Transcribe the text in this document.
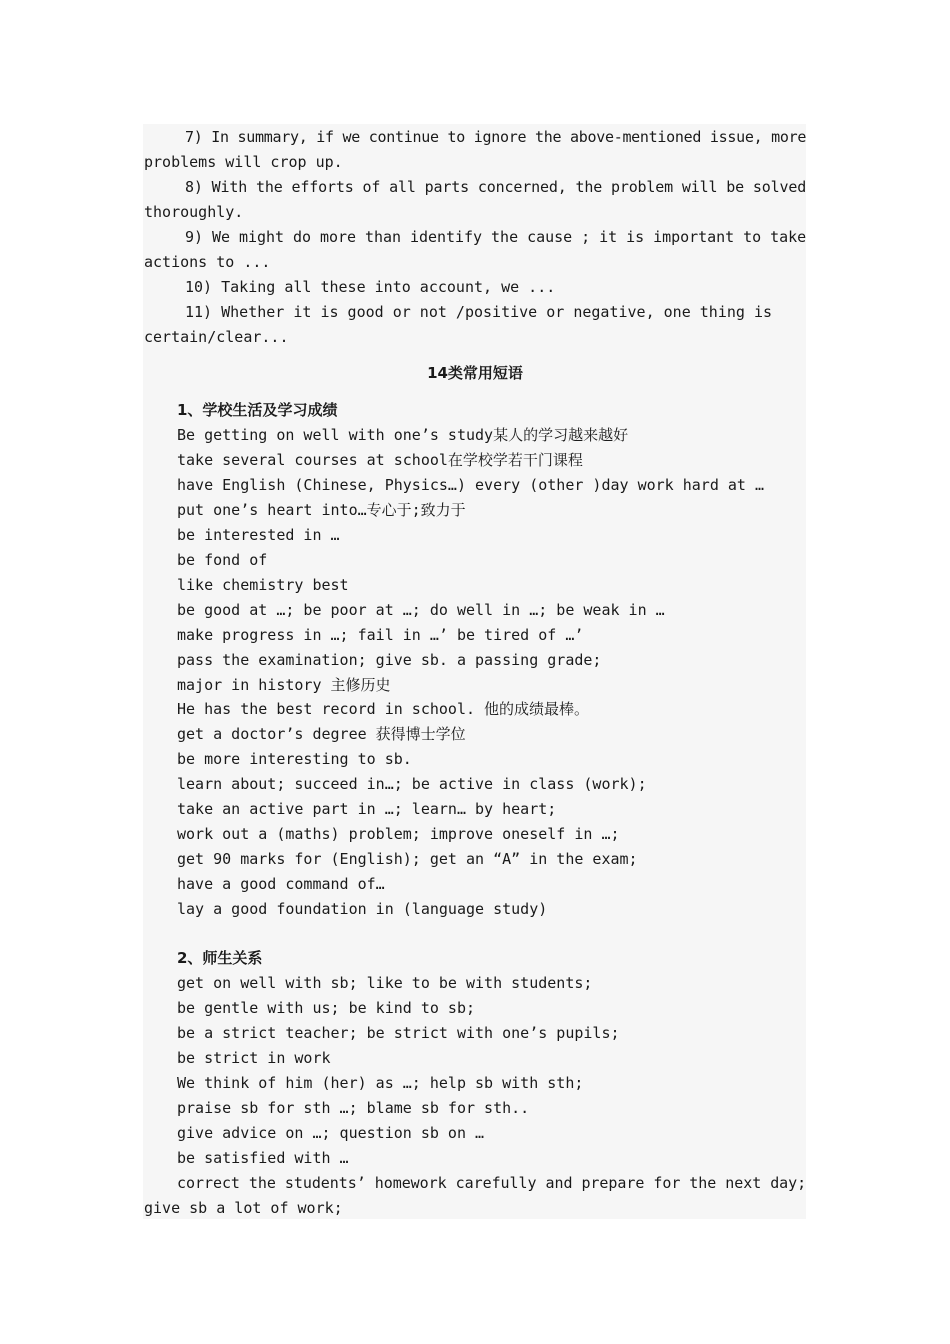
7) In summary, if we continue to ignore the above-mentioned issue, more
problems will crop up.
8) With the efforts of all parts concerned, the problem will be solved
thoroughly.
9) We might do more than identify the cause ; it is important to take
actions to ...
10) Taking all these into account, we ...
11) Whether it is good or not /positive or negative, one thing is
certain/clear...
14类常用短语
1、学校生活及学习成绩
Be getting on well with one’s study某人的学习越来越好
take several courses at school在学校学若干门课程
have English (Chinese, Physics…) every (other )day work hard at …
put one’s heart into…专心于;致力于
be interested in …
be fond of
like chemistry best
be good at …; be poor at …; do well in …; be weak in …
make progress in …; fail in …’ be tired of …’
pass the examination; give sb. a passing grade;
major in history 主修历史
He has the best record in school. 他的成绩最棒。
get a doctor’s degree 获得博士学位
be more interesting to sb.
learn about; succeed in…; be active in class (work);
take an active part in …; learn… by heart;
work out a (maths) problem; improve oneself in …;
get 90 marks for (English); get an “A” in the exam;
have a good command of…
lay a good foundation in (language study)
2、师生关系
get on well with sb; like to be with students;
be gentle with us; be kind to sb;
be a strict teacher; be strict with one’s pupils;
be strict in work
We think of him (her) as …; help sb with sth;
praise sb for sth …; blame sb for sth..
give advice on …; question sb on …
be satisfied with …
correct the students’ homework carefully and prepare for the next day;
give sb a lot of work;
